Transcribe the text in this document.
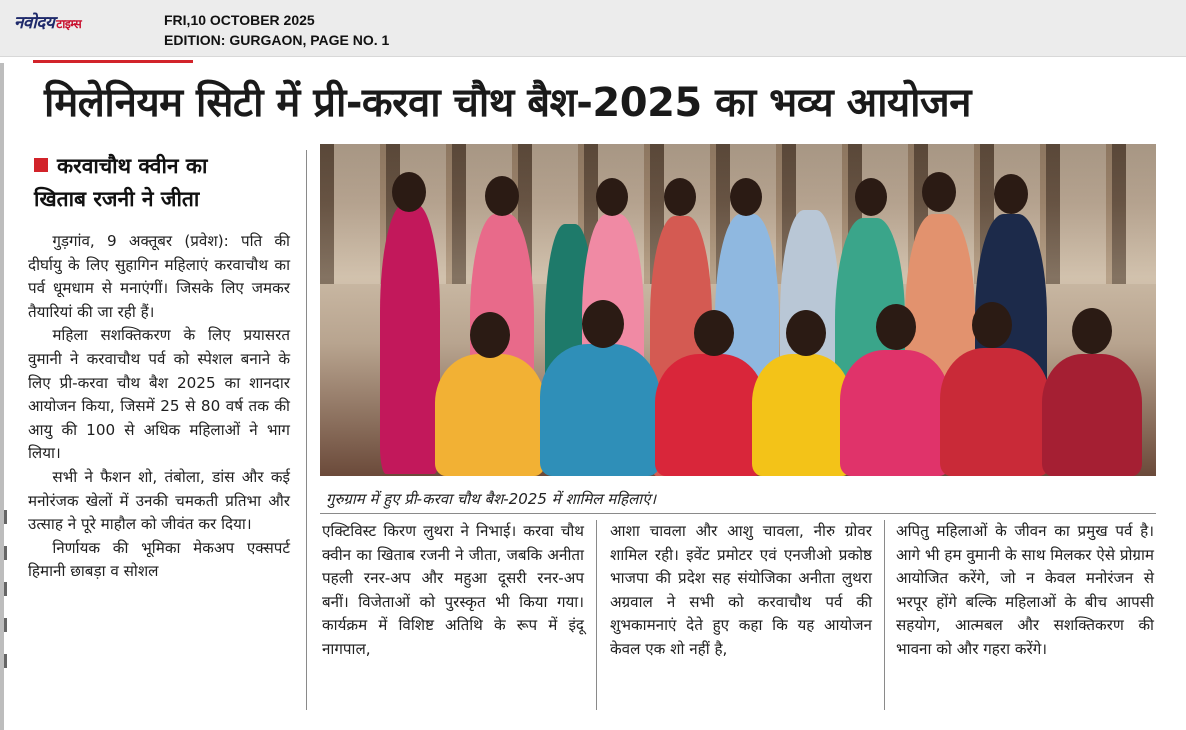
नवोदय टाइम्स	FRI,10 OCTOBER 2025
EDITION: GURGAON, PAGE NO. 1
मिलेनियम सिटी में प्री-करवा चौथ बैश-2025 का भव्य आयोजन
करवाचौथ क्वीन का
खिताब रजनी ने जीता

गुड़गांव, 9 अक्तूबर (प्रवेश): पति की दीर्घायु के लिए सुहागिन महिलाएं करवाचौथ का पर्व धूमधाम से मनाएंगीं। जिसके लिए जमकर तैयारियां की जा रही हैं।

महिला सशक्तिकरण के लिए प्रयासरत वुमानी ने करवाचौथ पर्व को स्पेशल बनाने के लिए प्री-करवा चौथ बैश 2025 का शानदार आयोजन किया, जिसमें 25 से 80 वर्ष तक की आयु की 100 से अधिक महिलाओं ने भाग लिया।

सभी ने फैशन शो, तंबोला, डांस और कई मनोरंजक खेलों में उनकी चमकती प्रतिभा और उत्साह ने पूरे माहौल को जीवंत कर दिया।

निर्णायक की भूमिका मेकअप एक्सपर्ट हिमानी छाबड़ा व सोशल

गुरुग्राम में हुए प्री-करवा चौथ बैश-2025 में शामिल महिलाएं।

एक्टिविस्ट किरण लुथरा ने निभाई। करवा चौथ क्वीन का खिताब रजनी ने जीता, जबकि अनीता पहली रनर-अप और महुआ दूसरी रनर-अप बनीं। विजेताओं को पुरस्कृत भी किया गया। कार्यक्रम में विशिष्ट अतिथि के रूप में इंदू नागपाल,

आशा चावला और आशु चावला, नीरु ग्रोवर शामिल रही। इवेंट प्रमोटर एवं एनजीओ प्रकोष्ठ भाजपा की प्रदेश सह संयोजिका अनीता लुथरा अग्रवाल ने सभी को करवाचौथ पर्व की शुभकामनाएं देते हुए कहा कि यह आयोजन केवल एक शो नहीं है,

अपितु महिलाओं के जीवन का प्रमुख पर्व है। आगे भी हम वुमानी के साथ मिलकर ऐसे प्रोग्राम आयोजित करेंगे, जो न केवल मनोरंजन से भरपूर होंगे बल्कि महिलाओं के बीच आपसी सहयोग, आत्मबल और सशक्तिकरण की भावना को और गहरा करेंगे।
